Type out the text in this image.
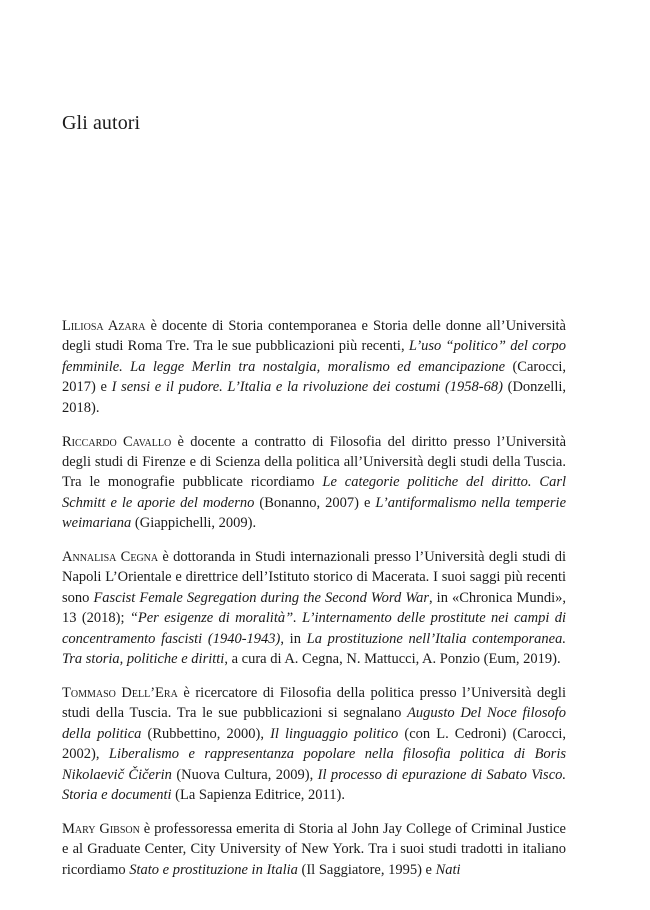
Gli autori

Liliosa Azara è docente di Storia contemporanea e Storia delle donne all’Università degli studi Roma Tre. Tra le sue pubblicazioni più recenti, L’uso “politico” del corpo femminile. La legge Merlin tra nostalgia, moralismo ed emancipazione (Carocci, 2017) e I sensi e il pudore. L’Italia e la rivoluzione dei costumi (1958-68) (Donzelli, 2018).

Riccardo Cavallo è docente a contratto di Filosofia del diritto presso l’Università degli studi di Firenze e di Scienza della politica all’Università degli studi della Tuscia. Tra le monografie pubblicate ricordiamo Le categorie politiche del diritto. Carl Schmitt e le aporie del moderno (Bonanno, 2007) e L’antiformalismo nella temperie weimariana (Giappichelli, 2009).

Annalisa Cegna è dottoranda in Studi internazionali presso l’Università degli studi di Napoli L’Orientale e direttrice dell’Istituto storico di Macerata. I suoi saggi più recenti sono Fascist Female Segregation during the Second Word War, in «Chronica Mundi», 13 (2018); “Per esigenze di moralità”. L’internamento delle prostitute nei campi di concentramento fascisti (1940-1943), in La prostituzione nell’Italia contemporanea. Tra storia, politiche e diritti, a cura di A. Cegna, N. Mattucci, A. Ponzio (Eum, 2019).

Tommaso Dell’Era è ricercatore di Filosofia della politica presso l’Università degli studi della Tuscia. Tra le sue pubblicazioni si segnalano Augusto Del Noce filosofo della politica (Rubbettino, 2000), Il linguaggio politico (con L. Cedroni) (Carocci, 2002), Liberalismo e rappresentanza popolare nella filosofia politica di Boris Nikolaevič Čičerin (Nuova Cultura, 2009), Il processo di epurazione di Sabato Visco. Storia e documenti (La Sapienza Editrice, 2011).

Mary Gibson è professoressa emerita di Storia al John Jay College of Criminal Justice e al Graduate Center, City University of New York. Tra i suoi studi tradotti in italiano ricordiamo Stato e prostituzione in Italia (Il Saggiatore, 1995) e Nati
